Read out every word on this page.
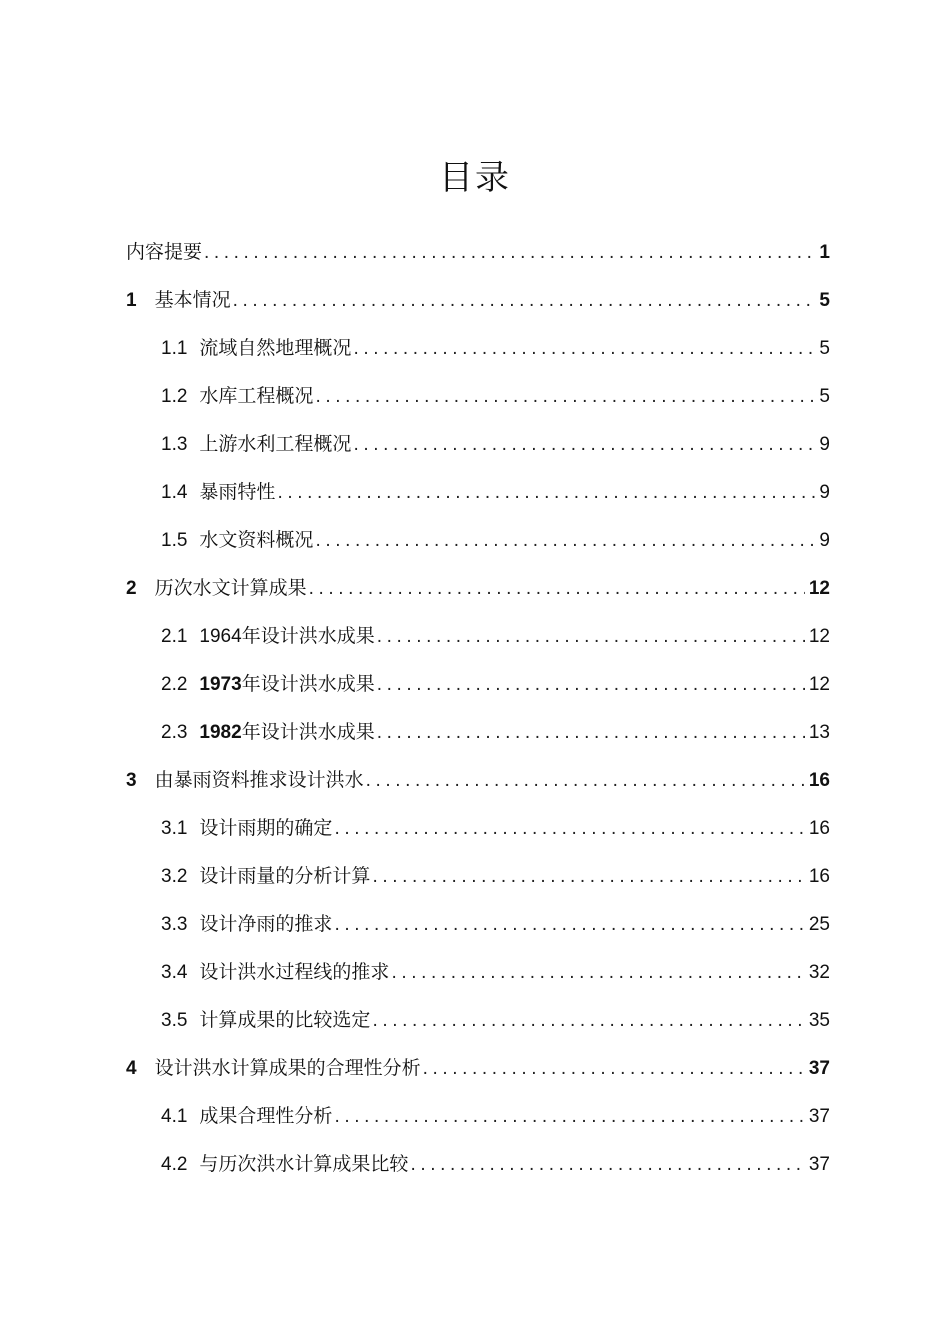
目录
内容提要 .....	1
1 基本情况 .....	5
1.1 流域自然地理概况 .....	5
1.2 水库工程概况 .....	5
1.3 上游水利工程概况 .....	9
1.4 暴雨特性 .....	9
1.5 水文资料概况 .....	9
2 历次水文计算成果 .....	12
2.1 1964年设计洪水成果 .....	12
2.2 1973年设计洪水成果 .....	12
2.3 1982年设计洪水成果 .....	13
3 由暴雨资料推求设计洪水 .....	16
3.1 设计雨期的确定 .....	16
3.2 设计雨量的分析计算 .....	16
3.3 设计净雨的推求 .....	25
3.4 设计洪水过程线的推求 .....	32
3.5 计算成果的比较选定 .....	35
4 设计洪水计算成果的合理性分析 .....	37
4.1 成果合理性分析 .....	37
4.2 与历次洪水计算成果比较 .....	37
